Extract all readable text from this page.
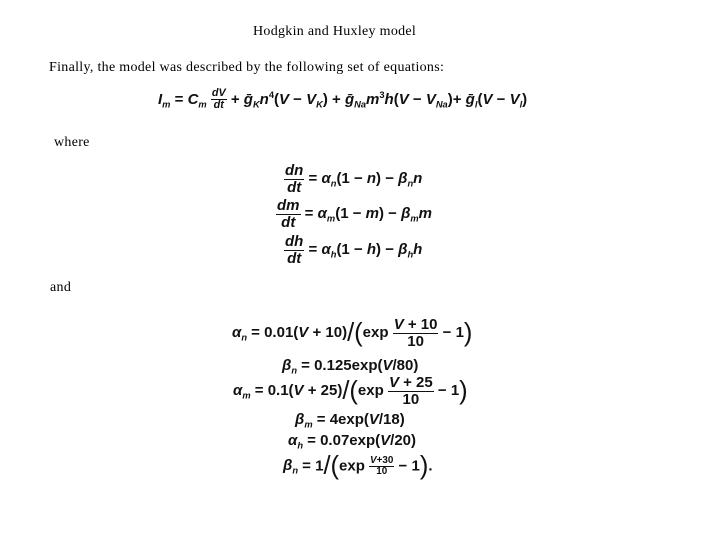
Hodgkin and Huxley model
Finally, the model was described by the following set of equations:
$I_m = C_m \frac{dV}{dt}$ + $ḡ_Kn^4(V - V_K)$ + $ḡ_{Na}m^3h(V - V_{Na})+$ ḡ$_l$(V − $V_l$)
where
$\frac{dn}{dt} = \alpha_n(1 - n) - \beta_nn$
$\frac{dm}{dt} = \alpha_m(1 - m) - \beta_mm$
$\frac{dh}{dt} = \alpha_h(1 - h) - \beta_hh$
and
$\alpha_n = 0.01(V + 10)/(\exp \frac{V + 10}{10} - 1)$
$\beta_n = 0.125\exp(V/80)$
$\alpha_m = 0.1(V + 25)/(\exp \frac{V + 25}{10} - 1)$
$\beta_m = 4\exp(V/18)$
$\alpha_h = 0.07\exp(V/20)$
$\beta_n = 1/(\exp \frac{V+30}{10} - 1)$.
